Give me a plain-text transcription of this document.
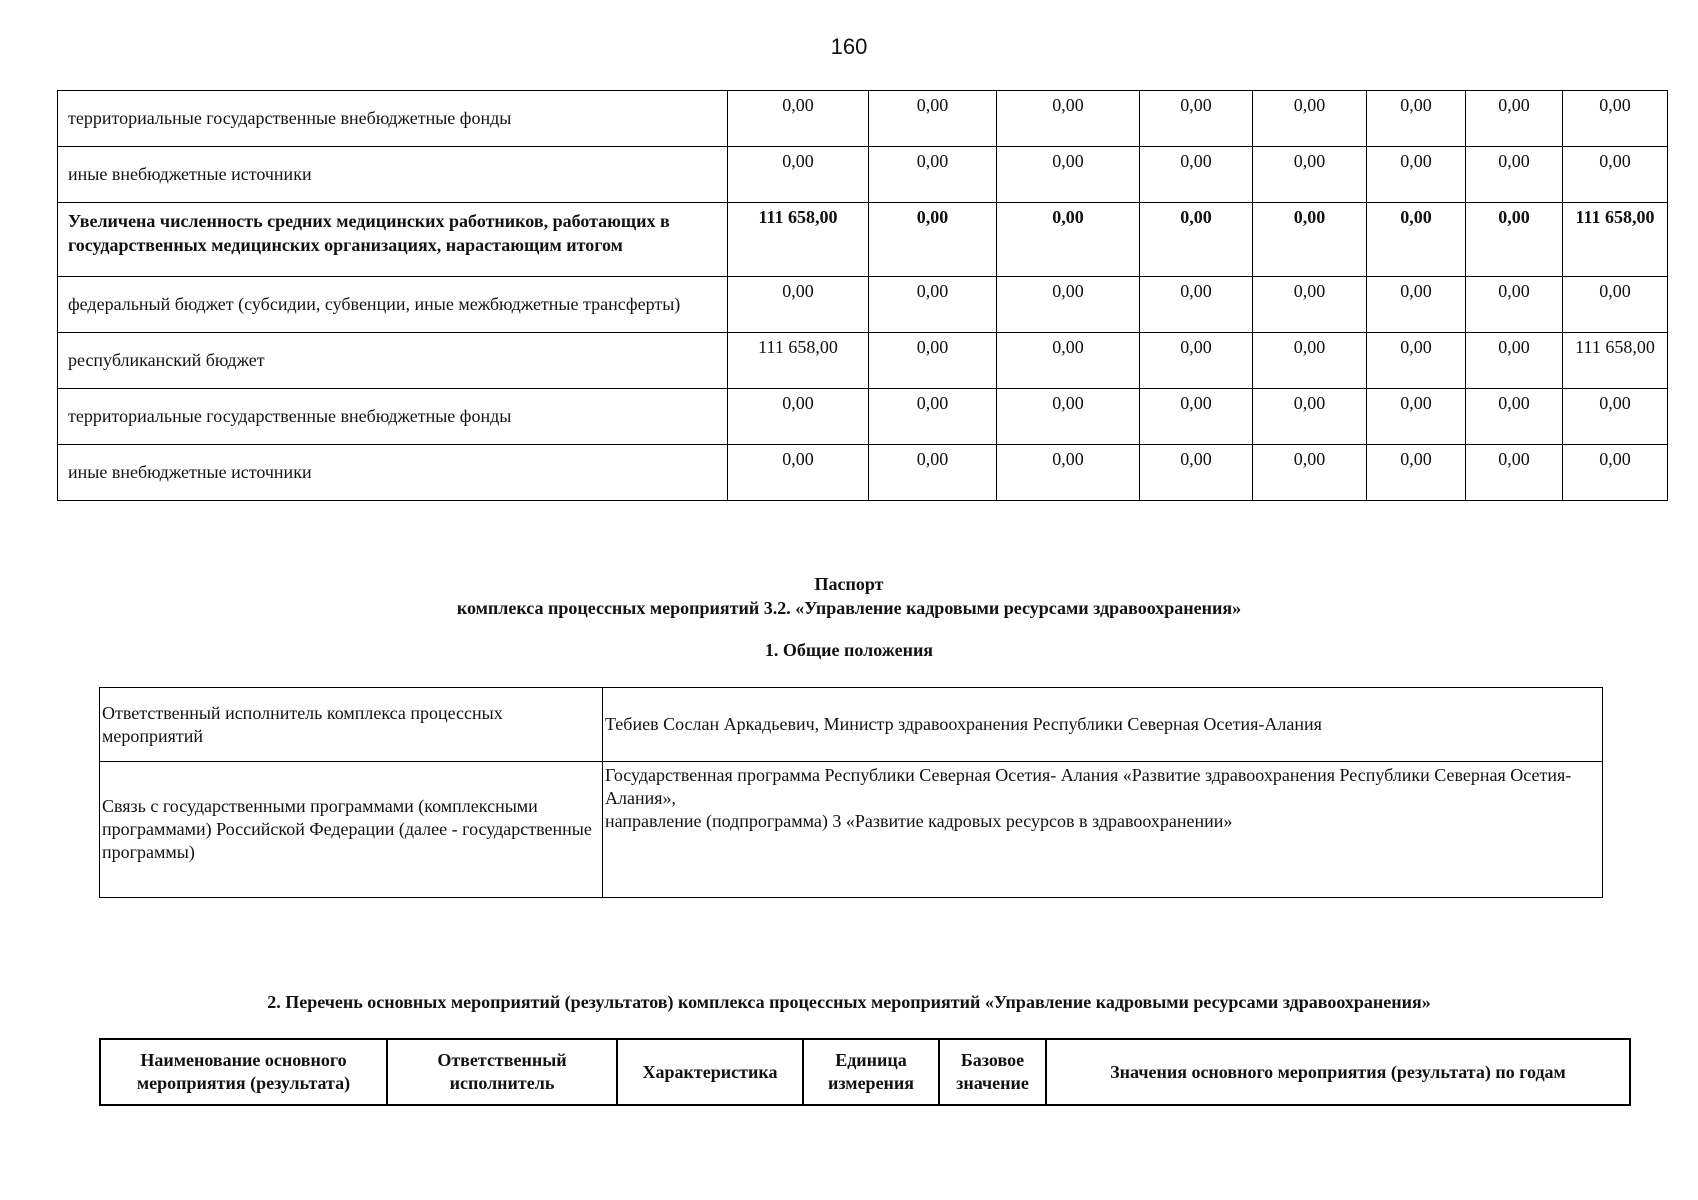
160
территориальные государственные внебюджетные фонды	0,00	0,00	0,00	0,00	0,00	0,00	0,00	0,00
иные внебюджетные источники	0,00	0,00	0,00	0,00	0,00	0,00	0,00	0,00
Увеличена численность средних медицинских работников, работающих в государственных медицинских организациях, нарастающим итогом	111 658,00	0,00	0,00	0,00	0,00	0,00	0,00	111 658,00
федеральный бюджет (субсидии, субвенции, иные межбюджетные трансферты)	0,00	0,00	0,00	0,00	0,00	0,00	0,00	0,00
республиканский бюджет	111 658,00	0,00	0,00	0,00	0,00	0,00	0,00	111 658,00
территориальные государственные внебюджетные фонды	0,00	0,00	0,00	0,00	0,00	0,00	0,00	0,00
иные внебюджетные источники	0,00	0,00	0,00	0,00	0,00	0,00	0,00	0,00
Паспорт
комплекса процессных мероприятий 3.2. «Управление кадровыми ресурсами здравоохранения»
1. Общие положения
Ответственный исполнитель комплекса процессных мероприятий	Тебиев Сослан Аркадьевич, Министр здравоохранения Республики Северная Осетия-Алания

Связь с государственными программами (комплексными программами) Российской Федерации (далее - государственные программы)	Государственная программа Республики Северная Осетия- Алания «Развитие здравоохранения Республики Северная Осетия-Алания»,
направление (подпрограмма) 3 «Развитие кадровых ресурсов в здравоохранении»
2. Перечень основных мероприятий (результатов) комплекса процессных мероприятий «Управление кадровыми ресурсами здравоохранения»
Наименование основного мероприятия (результата)	Ответственный исполнитель	Характеристика	Единица измерения	Базовое значение	Значения основного мероприятия (результата) по годам
